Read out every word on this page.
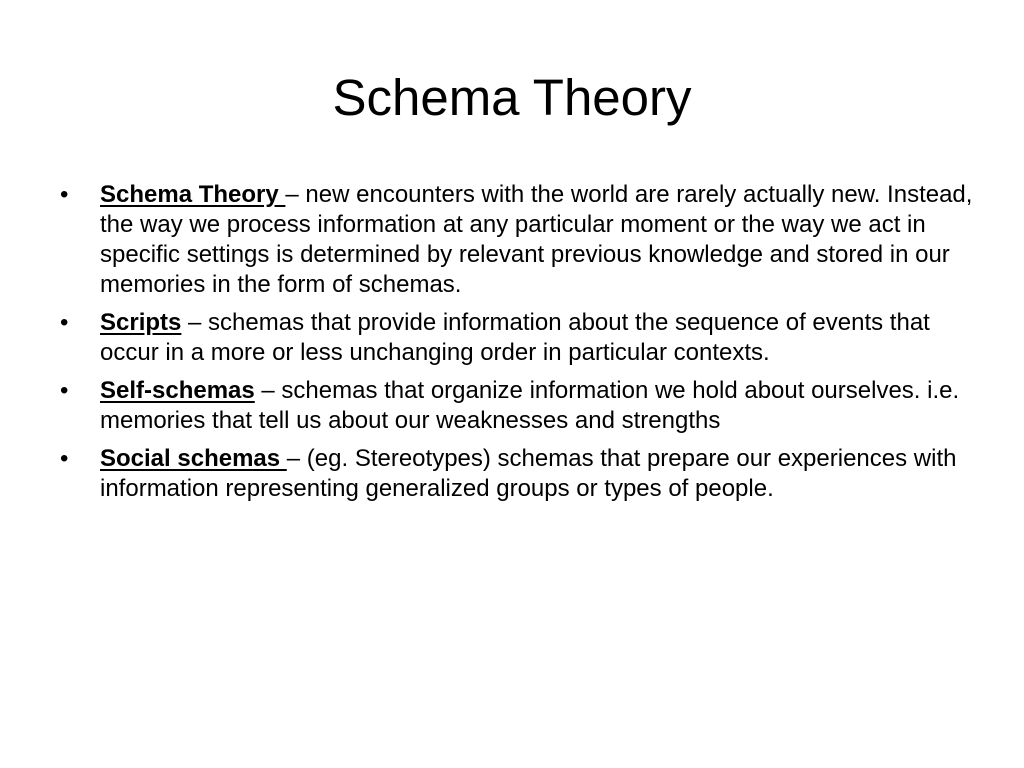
Schema Theory
•	Schema Theory – new encounters with the world are rarely actually new. Instead, the way we process information at any particular moment or the way we act in specific settings is determined by relevant previous knowledge and stored in our memories in the form of schemas.
•	Scripts – schemas that provide information about the sequence of events that occur in a more or less unchanging order in particular contexts.
•	Self-schemas – schemas that organize information we hold about ourselves. i.e. memories that tell us about our weaknesses and strengths
•	Social schemas – (eg. Stereotypes) schemas that prepare our experiences with information representing generalized groups or types of people.
